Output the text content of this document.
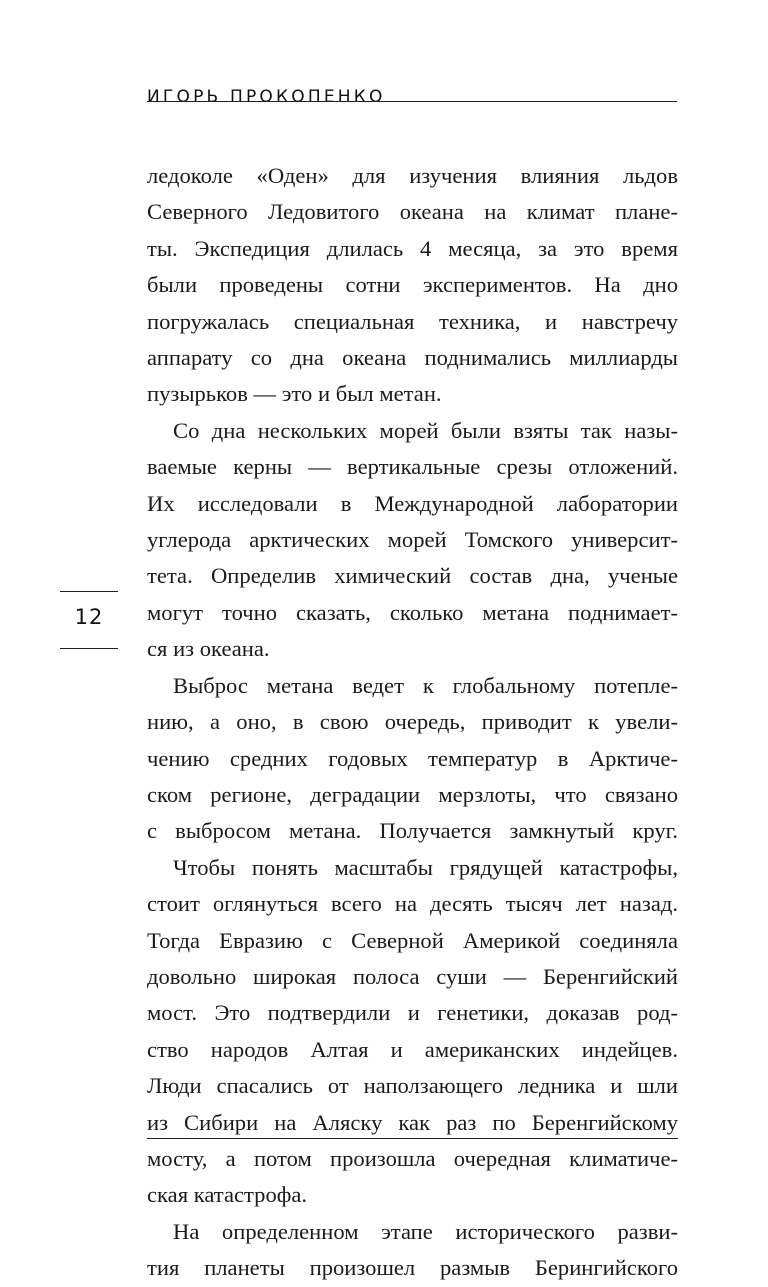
ИГОРЬ ПРОКОПЕНКО
12
ледоколе «Оден» для изучения влияния льдов
Северного Ледовитого океана на климат плане-
ты. Экспедиция длилась 4 месяца, за это время
были проведены сотни экспериментов. На дно
погружалась специальная техника, и навстречу
аппарату со дна океана поднимались миллиарды
пузырьков — это и был метан.
Со дна нескольких морей были взяты так назы-
ваемые керны — вертикальные срезы отложений.
Их исследовали в Международной лаборатории
углерода арктических морей Томского университ-
тета. Определив химический состав дна, ученые
могут точно сказать, сколько метана поднимает-
ся из океана.
Выброс метана ведет к глобальному потепле-
нию, а оно, в свою очередь, приводит к увели-
чению средних годовых температур в Арктиче-
ском регионе, деградации мерзлоты, что связано
с выбросом метана. Получается замкнутый круг.
Чтобы понять масштабы грядущей катастрофы,
стоит оглянуться всего на десять тысяч лет назад.
Тогда Евразию с Северной Америкой соединяла
довольно широкая полоса суши — Беренгийский
мост. Это подтвердили и генетики, доказав род-
ство народов Алтая и американских индейцев.
Люди спасались от наползающего ледника и шли
из Сибири на Аляску как раз по Беренгийскому
мосту, а потом произошла очередная климатиче-
ская катастрофа.
На определенном этапе исторического разви-
тия планеты произошел размыв Берингийского
